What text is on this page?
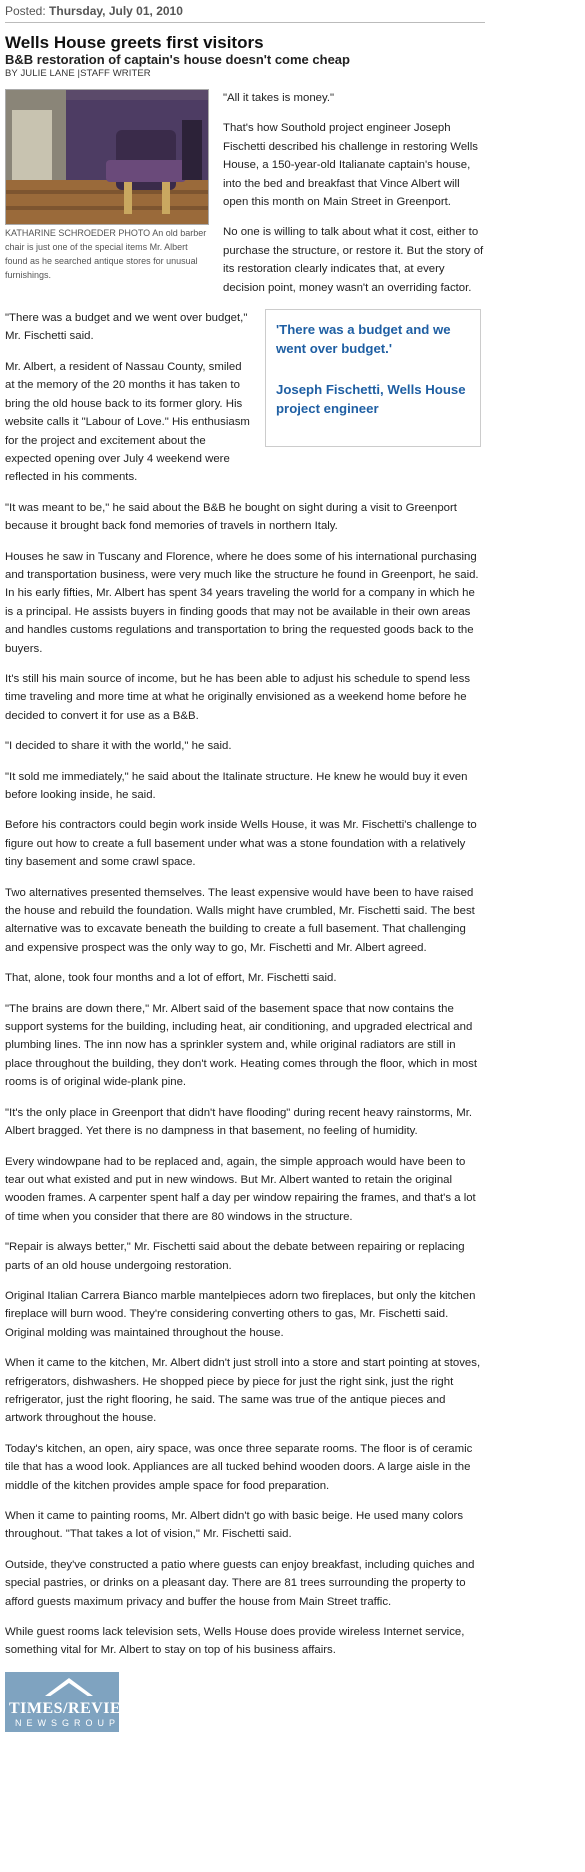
Posted: Thursday, July 01, 2010
Wells House greets first visitors
B&B restoration of captain's house doesn't come cheap
BY JULIE LANE |STAFF WRITER
KATHARINE SCHROEDER PHOTO An old barber chair is just one of the special items Mr. Albert found as he searched antique stores for unusual furnishings.

"All it takes is money."

That's how Southold project engineer Joseph Fischetti described his challenge in restoring Wells House, a 150-year-old Italianate captain's house, into the bed and breakfast that Vince Albert will open this month on Main Street in Greenport.

No one is willing to talk about what it cost, either to purchase the structure, or restore it. But the story of its restoration clearly indicates that, at every decision point, money wasn't an overriding factor.

'There was a budget and we went over budget.'

Joseph Fischetti, Wells House project engineer

"There was a budget and we went over budget," Mr. Fischetti said.

Mr. Albert, a resident of Nassau County, smiled at the memory of the 20 months it has taken to bring the old house back to its former glory. His website calls it "Labour of Love." His enthusiasm for the project and excitement about the expected opening over July 4 weekend were reflected in his comments.

"It was meant to be," he said about the B&B he bought on sight during a visit to Greenport because it brought back fond memories of travels in northern Italy.

Houses he saw in Tuscany and Florence, where he does some of his international purchasing and transportation business, were very much like the structure he found in Greenport, he said. In his early fifties, Mr. Albert has spent 34 years traveling the world for a company in which he is a principal. He assists buyers in finding goods that may not be available in their own areas and handles customs regulations and transportation to bring the requested goods back to the buyers.

It's still his main source of income, but he has been able to adjust his schedule to spend less time traveling and more time at what he originally envisioned as a weekend home before he decided to convert it for use as a B&B.

"I decided to share it with the world," he said.

"It sold me immediately," he said about the Italinate structure. He knew he would buy it even before looking inside, he said.

Before his contractors could begin work inside Wells House, it was Mr. Fischetti's challenge to figure out how to create a full basement under what was a stone foundation with a relatively tiny basement and some crawl space.

Two alternatives presented themselves. The least expensive would have been to have raised the house and rebuild the foundation. Walls might have crumbled, Mr. Fischetti said. The best alternative was to excavate beneath the building to create a full basement. That challenging and expensive prospect was the only way to go, Mr. Fischetti and Mr. Albert agreed.

That, alone, took four months and a lot of effort, Mr. Fischetti said.

"The brains are down there," Mr. Albert said of the basement space that now contains the support systems for the building, including heat, air conditioning, and upgraded electrical and plumbing lines. The inn now has a sprinkler system and, while original radiators are still in place throughout the building, they don't work. Heating comes through the floor, which in most rooms is of original wide-plank pine.

"It's the only place in Greenport that didn't have flooding" during recent heavy rainstorms, Mr. Albert bragged. Yet there is no dampness in that basement, no feeling of humidity.

Every windowpane had to be replaced and, again, the simple approach would have been to tear out what existed and put in new windows. But Mr. Albert wanted to retain the original wooden frames. A carpenter spent half a day per window repairing the frames, and that's a lot of time when you consider that there are 80 windows in the structure.

"Repair is always better," Mr. Fischetti said about the debate between repairing or replacing parts of an old house undergoing restoration.

Original Italian Carrera Bianco marble mantelpieces adorn two fireplaces, but only the kitchen fireplace will burn wood. They're considering converting others to gas, Mr. Fischetti said. Original molding was maintained throughout the house.

When it came to the kitchen, Mr. Albert didn't just stroll into a store and start pointing at stoves, refrigerators, dishwashers. He shopped piece by piece for just the right sink, just the right refrigerator, just the right flooring, he said. The same was true of the antique pieces and artwork throughout the house.

Today's kitchen, an open, airy space, was once three separate rooms. The floor is of ceramic tile that has a wood look. Appliances are all tucked behind wooden doors. A large aisle in the middle of the kitchen provides ample space for food preparation.

When it came to painting rooms, Mr. Albert didn't go with basic beige. He used many colors throughout. "That takes a lot of vision," Mr. Fischetti said.

Outside, they've constructed a patio where guests can enjoy breakfast, including quiches and special pastries, or drinks on a pleasant day. There are 81 trees surrounding the property to afford guests maximum privacy and buffer the house from Main Street traffic.

While guest rooms lack television sets, Wells House does provide wireless Internet service, something vital for Mr. Albert to stay on top of his business affairs.

TIMES/REVIEW
NEWSGROUP
